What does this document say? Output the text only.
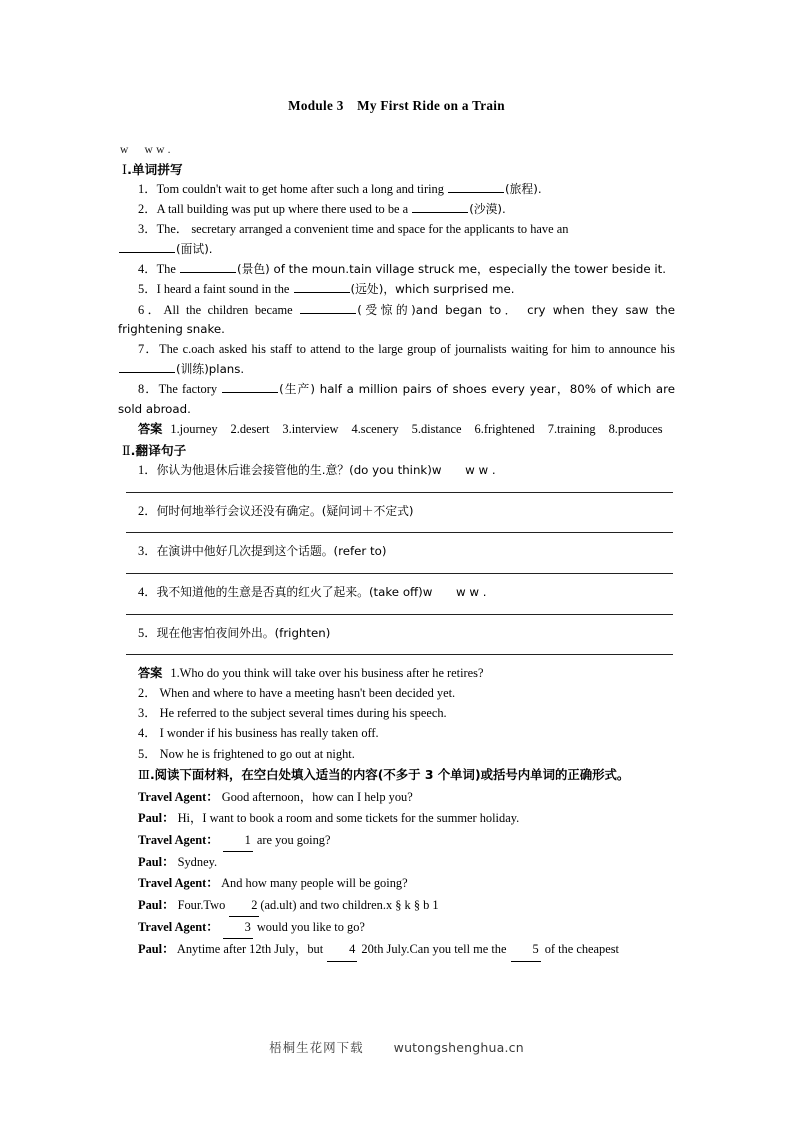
Module 3　My First Ride on a Train
w w w .
Ⅰ.单词拼写
1．Tom couldn't wait to get home after such a long and tiring	(旅程).
2．A tall building was put up where there used to be a	(沙漠).
3．The． secretary arranged a convenient time and space for the applicants to have an
(面试).
4．The	(景色) of the moun.tain village struck me，especially the tower beside it.
5．I heard a faint sound in the	(远处)，which surprised me.
6．All the children became	(受惊的)and began to． cry when they saw the frightening snake.
7．The c.oach asked his staff to attend to the large group of journalists waiting for him to announce his (训练)plans.
8．The factory	(生产) half a million pairs of shoes every year，80% of which are sold abroad.
答案 1.journey 2.desert 3.interview 4.scenery 5.distance 6.frightened 7.training 8.produces
Ⅱ.翻译句子
1．你认为他退休后谁会接管他的生.意？(do you think)w  w w .
2．何时何地举行会议还没有确定。(疑问词＋不定式)
3．在演讲中他好几次提到这个话题。(refer to)
4．我不知道他的生意是否真的红火了起来。(take off)w  w w .
5．现在他害怕夜间外出。(frighten)
答案 1.Who do you think will take over his business after he retires?
2． When and where to have a meeting hasn't been decided yet.
3． He referred to the subject several times during his speech.
4． I wonder if his business has really taken off.
5． Now he is frightened to go out at night.
Ⅲ.阅读下面材料，在空白处填入适当的内容(不多于 3 个单词)或括号内单词的正确形式。
Travel Agent： Good afternoon，how can I help you?
Paul： Hi，I want to book a room and some tickets for the summer holiday.
Travel Agent： 1 are you going?
Paul： Sydney.
Travel Agent： And how many people will be going?
Paul： Four.Two 2 (ad.ult) and two children.x § k § b 1
Travel Agent： 3 would you like to go?
Paul： Anytime after 12th July，but 4 20th July.Can you tell me the 5 of the cheapest
梧桐生花网下载 wutongshenghua.cn
